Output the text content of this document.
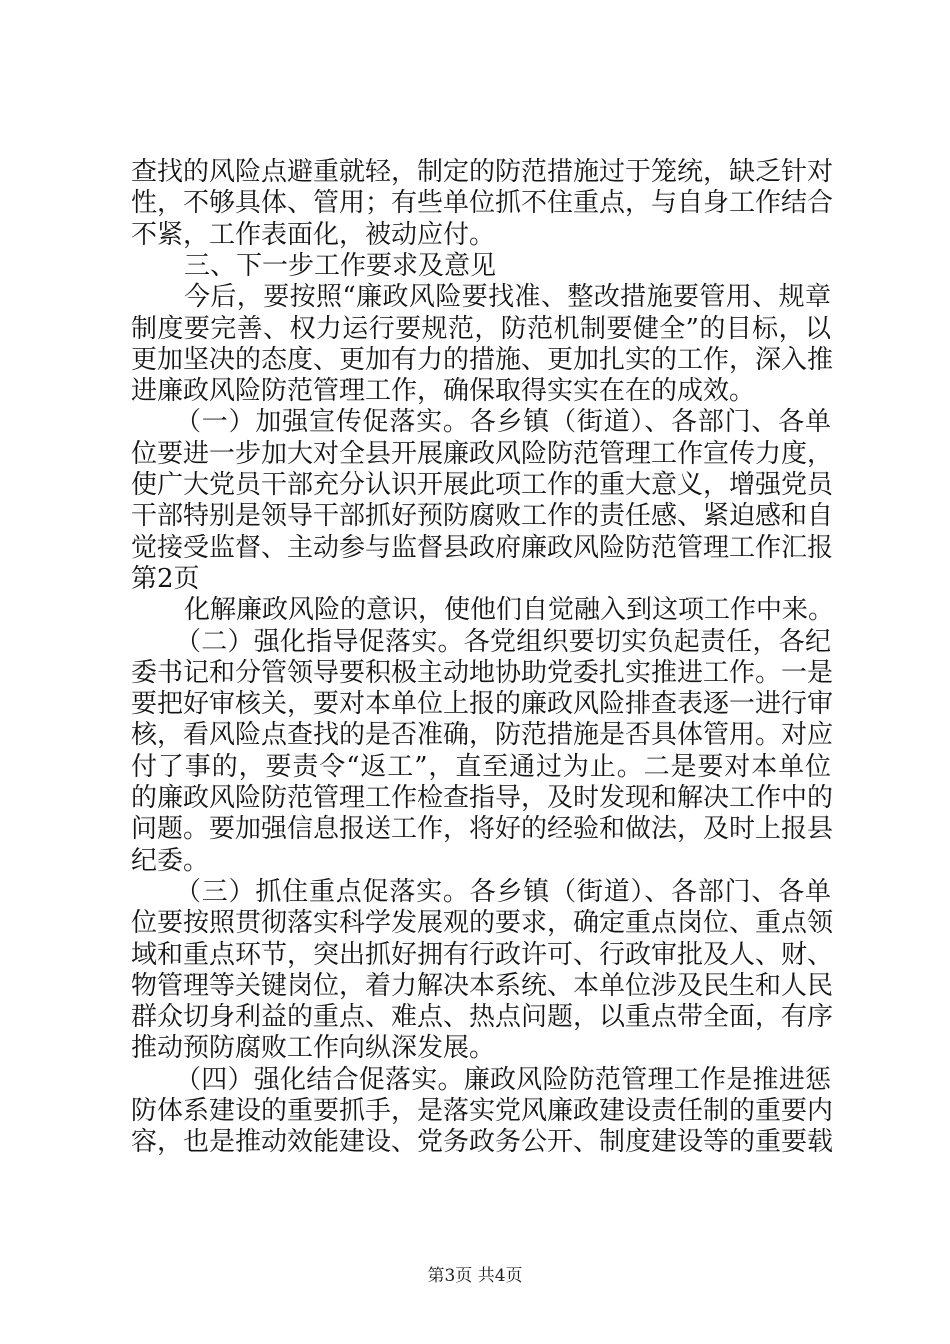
查找的风险点避重就轻，制定的防范措施过于笼统，缺乏针对
性，不够具体、管用；有些单位抓不住重点，与自身工作结合
不紧，工作表面化，被动应付。
三、下一步工作要求及意见
今后，要按照“廉政风险要找准、整改措施要管用、规章
制度要完善、权力运行要规范，防范机制要健全”的目标，以
更加坚决的态度、更加有力的措施、更加扎实的工作，深入推
进廉政风险防范管理工作，确保取得实实在在的成效。
（一）加强宣传促落实。各乡镇（街道）、各部门、各单
位要进一步加大对全县开展廉政风险防范管理工作宣传力度，
使广大党员干部充分认识开展此项工作的重大意义，增强党员
干部特别是领导干部抓好预防腐败工作的责任感、紧迫感和自
觉接受监督、主动参与监督县政府廉政风险防范管理工作汇报
第2页
化解廉政风险的意识，使他们自觉融入到这项工作中来。
（二）强化指导促落实。各党组织要切实负起责任，各纪
委书记和分管领导要积极主动地协助党委扎实推进工作。一是
要把好审核关，要对本单位上报的廉政风险排查表逐一进行审
核，看风险点查找的是否准确，防范措施是否具体管用。对应
付了事的，要责令“返工”，直至通过为止。二是要对本单位
的廉政风险防范管理工作检查指导，及时发现和解决工作中的
问题。要加强信息报送工作，将好的经验和做法，及时上报县
纪委。
（三）抓住重点促落实。各乡镇（街道）、各部门、各单
位要按照贯彻落实科学发展观的要求，确定重点岗位、重点领
域和重点环节，突出抓好拥有行政许可、行政审批及人、财、
物管理等关键岗位，着力解决本系统、本单位涉及民生和人民
群众切身利益的重点、难点、热点问题，以重点带全面，有序
推动预防腐败工作向纵深发展。
（四）强化结合促落实。廉政风险防范管理工作是推进惩
防体系建设的重要抓手，是落实党风廉政建设责任制的重要内
容，也是推动效能建设、党务政务公开、制度建设等的重要载
第3页 共4页
